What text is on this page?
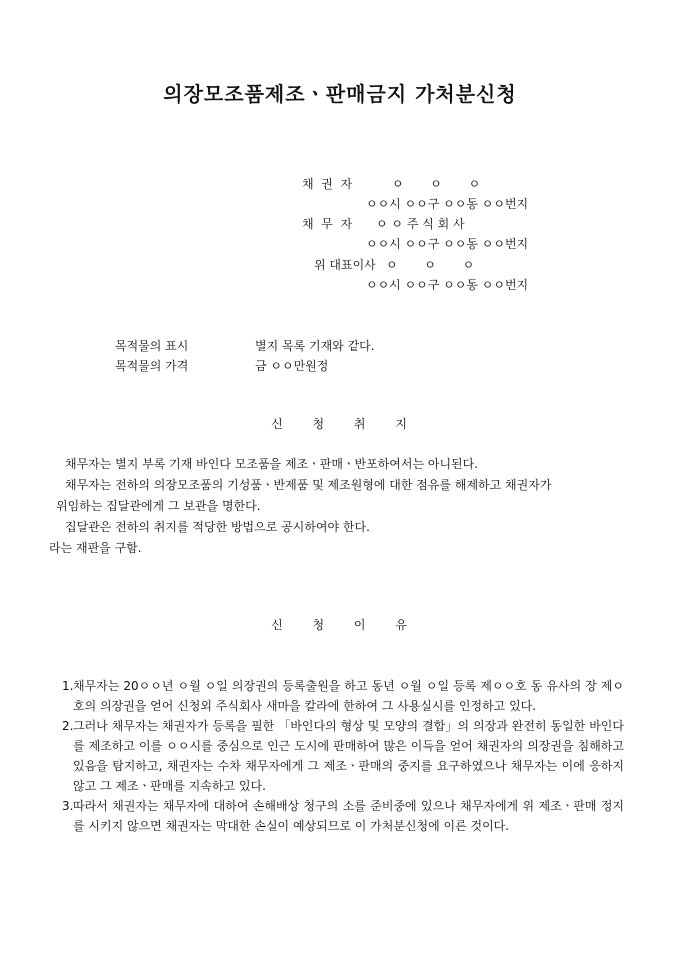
의장모조품제조ㆍ판매금지 가처분신청
채  권  자	ㅇ       ㅇ       ㅇ
ㅇㅇ시 ㅇㅇ구 ㅇㅇ동 ㅇㅇ번지
채  무  자 ㅇ ㅇ 주 식 회 사
ㅇㅇ시 ㅇㅇ구 ㅇㅇ동 ㅇㅇ번지
위 대표이사 ㅇ       ㅇ       ㅇ
ㅇㅇ시 ㅇㅇ구 ㅇㅇ동 ㅇㅇ번지
목적물의 표시	별지 목록 기재와 같다.
목적물의 가격	금 ㅇㅇ만원정
신 청 취 지

채무자는 별지 부록 기재 바인다 모조품을 제조ㆍ판매ㆍ반포하여서는 아니된다.

채무자는 전하의 의장모조품의 기성품ㆍ반제품 및 제조원형에 대한 점유를 해제하고 채권자가

위임하는 집달관에게 그 보관을 명한다.

집달관은 전하의 취지를 적당한 방법으로 공시하여야 한다.

라는 재판을 구함.

신 청 이 유
1. 채무자는 20ㅇㅇ년 ㅇ월 ㅇ일 의장권의 등록출원을 하고 동년 ㅇ월 ㅇ일 등록 제ㅇㅇ호 동 유사의 장 제ㅇ호의 의장권을 얻어 신청외 주식회사 새마을 칼라에 한하여 그 사용실시를 인정하고 있다.
2. 그러나 채무자는 채권자가 등록을 필한 「바인다의 형상 및 모양의 결합」의 의장과 완전히 동일한 바인다를 제조하고 이를 ㅇㅇ시를 중심으로 인근 도시에 판매하여 많은 이득을 얻어 채권자의 의장권을 침해하고 있음을 탐지하고, 채권자는 수차 채무자에게 그 제조ㆍ판매의 중지를 요구하였으나 채무자는 이에 응하지 않고 그 제조ㆍ판매를 지속하고 있다.
3. 따라서 채권자는 채무자에 대하여 손해배상 청구의 소를 준비중에 있으나 채무자에게 위 제조ㆍ판매 정지를 시키지 않으면 채권자는 막대한 손실이 예상되므로 이 가처분신청에 이른 것이다.
